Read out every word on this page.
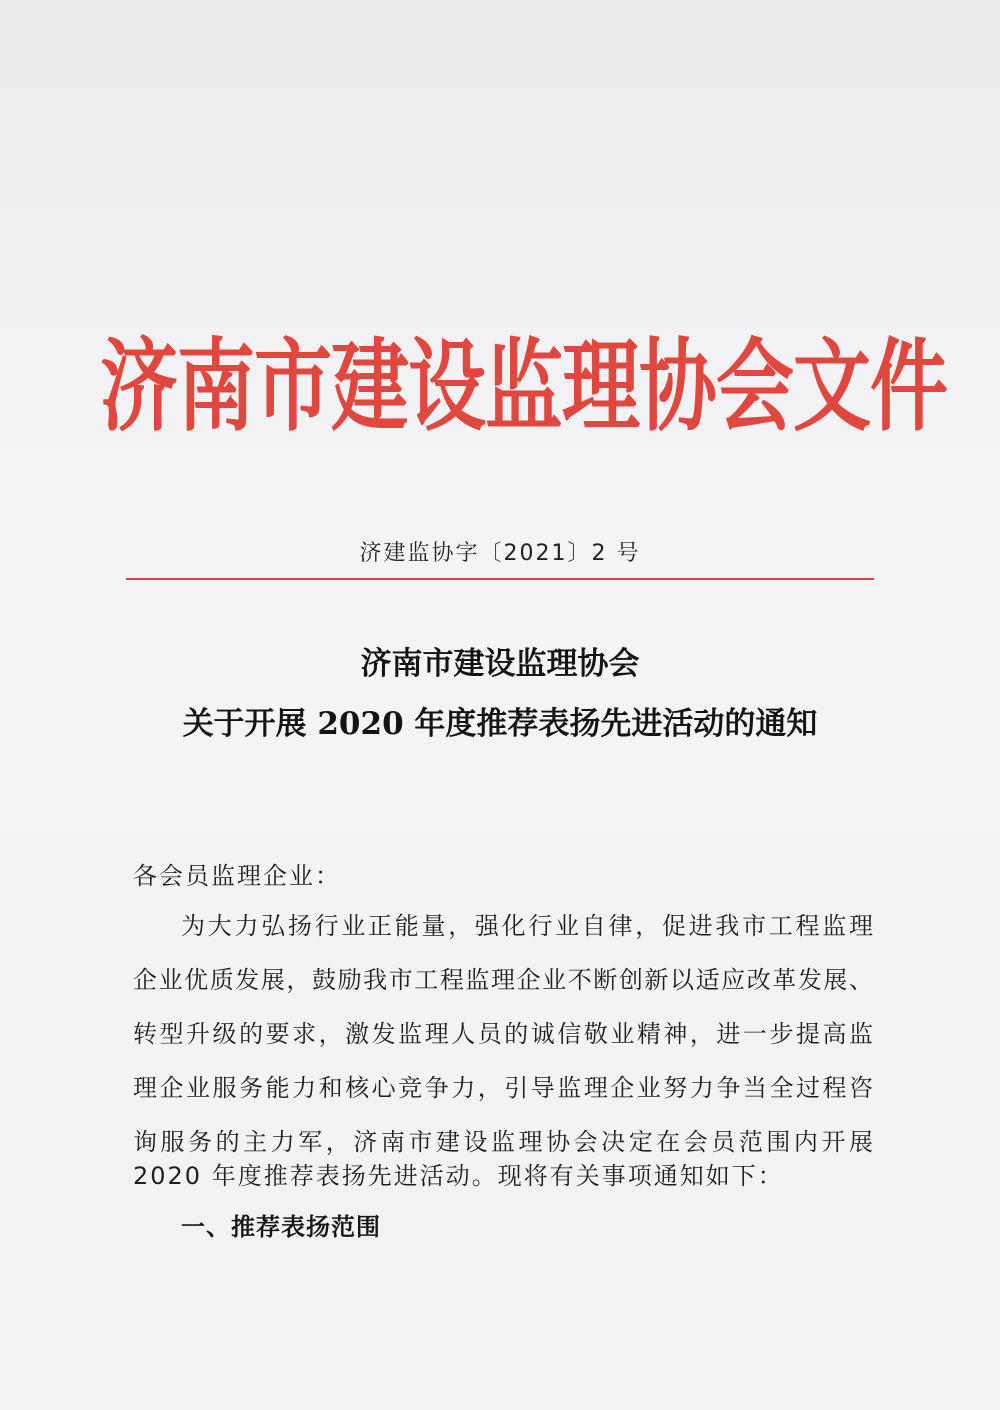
济南市建设监理协会文件
济建监协字〔2021〕2 号
济南市建设监理协会
关于开展 2020 年度推荐表扬先进活动的通知
各会员监理企业：
为大力弘扬行业正能量，强化行业自律，促进我市工程监理
企业优质发展，鼓励我市工程监理企业不断创新以适应改革发展、
转型升级的要求，激发监理人员的诚信敬业精神，进一步提高监
理企业服务能力和核心竞争力，引导监理企业努力争当全过程咨
询服务的主力军，济南市建设监理协会决定在会员范围内开展
2020 年度推荐表扬先进活动。现将有关事项通知如下：
一、推荐表扬范围
